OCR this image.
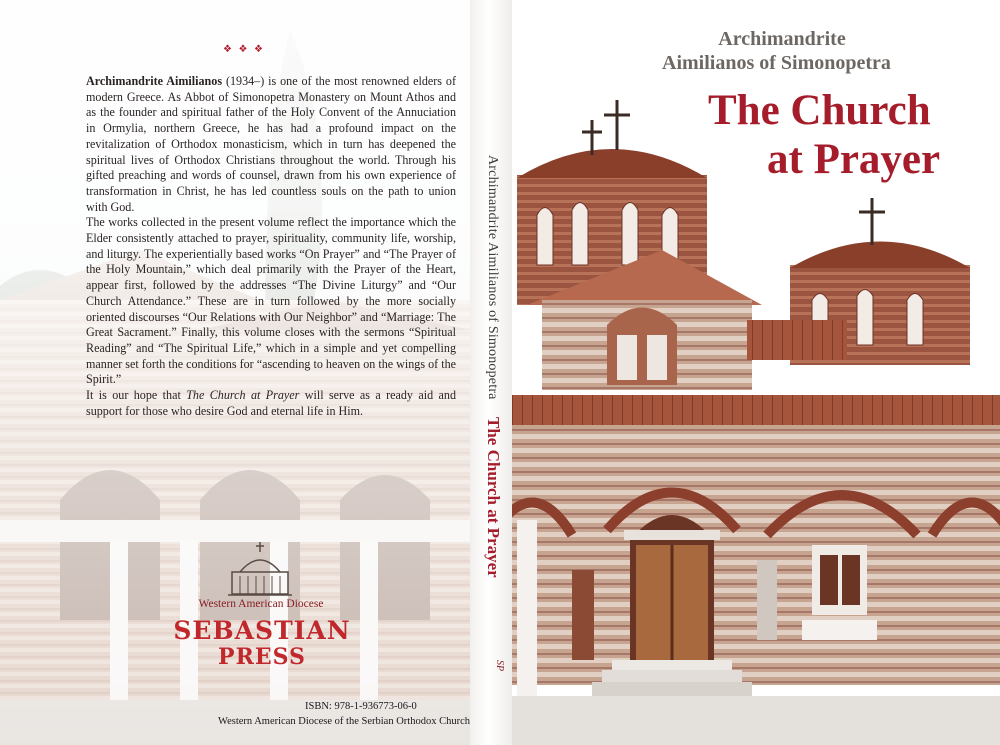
❖ ❖ ❖

Archimandrite Aimilianos (1934–) is one of the most renowned elders of modern Greece. As Abbot of Simonopetra Monastery on Mount Athos and as the founder and spiritual father of the Holy Convent of the Annuciation in Ormylia, northern Greece, he has had a profound impact on the revitalization of Orthodox monasticism, which in turn has deepened the spiritual lives of Orthodox Christians throughout the world. Through his gifted preaching and words of counsel, drawn from his own experience of transformation in Christ, he has led countless souls on the path to union with God.

The works collected in the present volume reflect the importance which the Elder consistently attached to prayer, spirituality, community life, worship, and liturgy. The experientially based works “On Prayer” and “The Prayer of the Holy Mountain,” which deal primarily with the Prayer of the Heart, appear first, followed by the addresses “The Divine Liturgy” and “Our Church Attendance.” These are in turn followed by the more socially oriented discourses “Our Relations with Our Neighbor” and “Marriage: The Great Sacrament.” Finally, this volume closes with the sermons “Spiritual Reading” and “The Spiritual Life,” which in a simple and yet compelling manner set forth the conditions for “ascending to heaven on the wings of the Spirit.”

It is our hope that The Church at Prayer will serve as a ready aid and support for those who desire God and eternal life in Him.

Western American Diocese
SEBASTIAN
PRESS
ISBN: 978-1-936773-06-0
Western American Diocese of the Serbian Orthodox Church
Archimandrite Aimilianos of Simonopetra
The Church at Prayer
SP
Archimandrite
Aimilianos of Simonopetra
The Church
at Prayer
